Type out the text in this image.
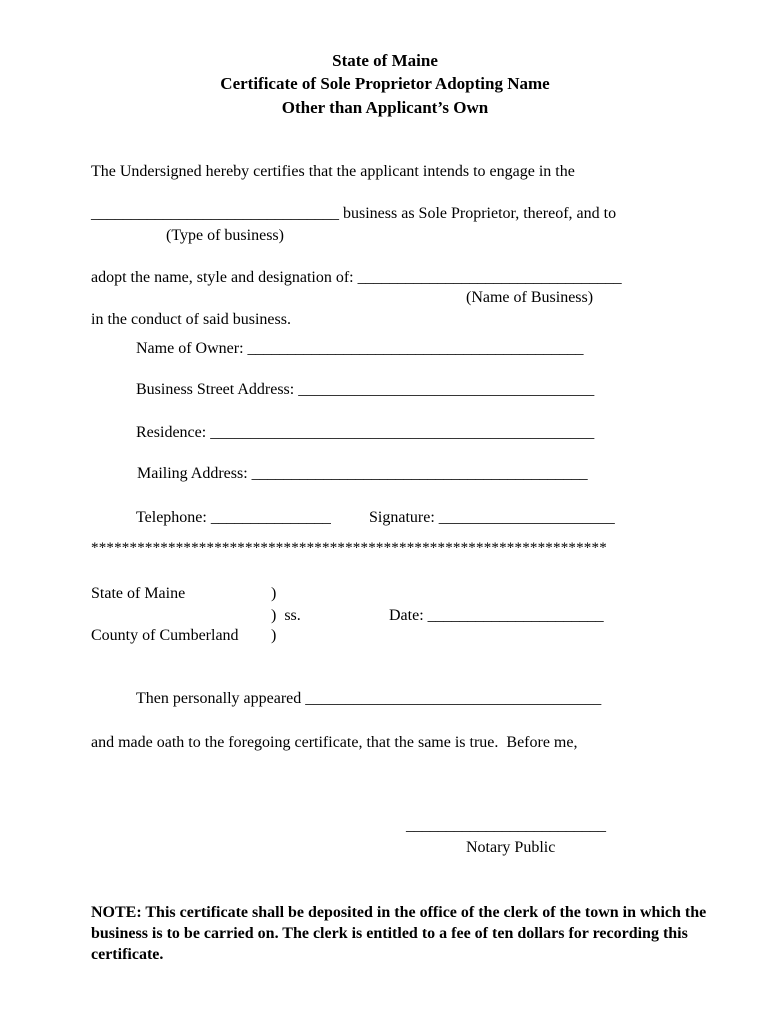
State of Maine
Certificate of Sole Proprietor Adopting Name
Other than Applicant’s Own
The Undersigned hereby certifies that the applicant intends to engage in the
_______________________________ business as Sole Proprietor, thereof, and to
(Type of business)
adopt the name, style and designation of: _________________________________
(Name of Business)
in the conduct of said business.
Name of Owner: __________________________________________
Business Street Address: _____________________________________
Residence: ________________________________________________
Mailing Address: __________________________________________
Telephone: _______________ Signature: ______________________
*******************************************************************
State of Maine	)
)  ss.	Date: ______________________
County of Cumberland )
Then personally appeared _____________________________________
and made oath to the foregoing certificate, that the same is true.  Before me,
_________________________
Notary Public
NOTE: This certificate shall be deposited in the office of the clerk of the town in which the business is to be carried on. The clerk is entitled to a fee of ten dollars for recording this certificate.
